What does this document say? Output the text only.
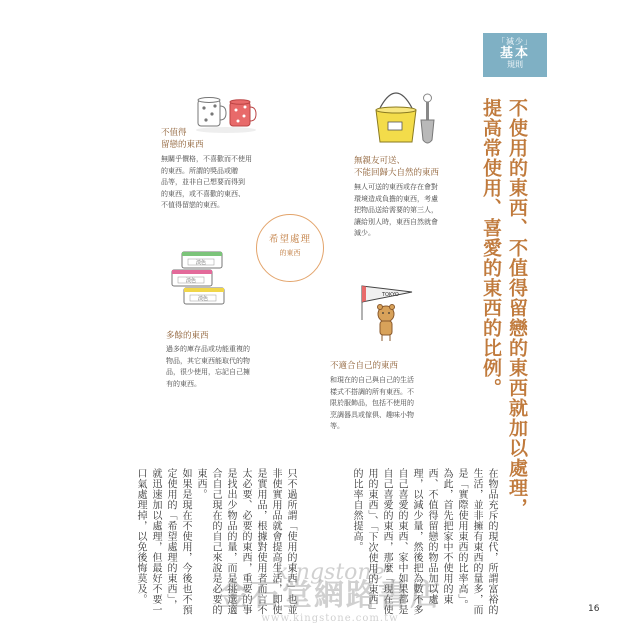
「減少」
基本
規則
不使用的東西、不值得留戀的東西就加以處理，
提高常使用、喜愛的東西的比例。
淡色
淡色
淡色
TOKYO
不值得
留戀的東西
無關乎價格，不喜歡而不使用
的東西。所謂的獎品或贈
品等，並非自己想要而得到
的東西，或不喜歡的東西、
不值得留戀的東西。
無親友可送、
不能回歸大自然的東西
無人可送的東西或存在會對
環境造成負擔的東西，考慮
把物品送給需要的第三人，
讓給別人時，東西自然就會
減少。
希望處理
的東西
多餘的東西
過多的庫存品或功能重複的
物品，其它東西能取代的物
品，很少使用，忘記自己擁
有的東西。
不適合自己的東西
和現在的自己與自己的生活
樣式不搭調的所有東西。不
限於服飾品，包括不使用的
烹調器具或傢俱、趣味小物
等。
在物品充斥的現代，所謂富裕的生活，並非擁有東西的量多，而是「實際使用東西的比率高」。
為此，首先把家中不使用的東西、不值得留戀的物品加以處理，以減少量，然後把為數不多自己喜愛的東西、家中如果都是自己喜愛的東西，那麼「現在使用的東西」、「下次使用的東西」的比率自然提高。
只不過所謂「使用的東西」也並非使實用品就會提高生活，即使是實用品，根據對使用者而言不太必要、必要的東西，重要的事是找出少物品的量，而是挑選適合自己現在的自己來說是必要的東西。
如果是現在不使用，今後也不預定使用的「希望處理的東西」，就迅速加以處理，但最好不要一口氣處理掉，以免後悔莫及。	kingstone
金石堂網路書店
www.kingstone.com.tw
16
